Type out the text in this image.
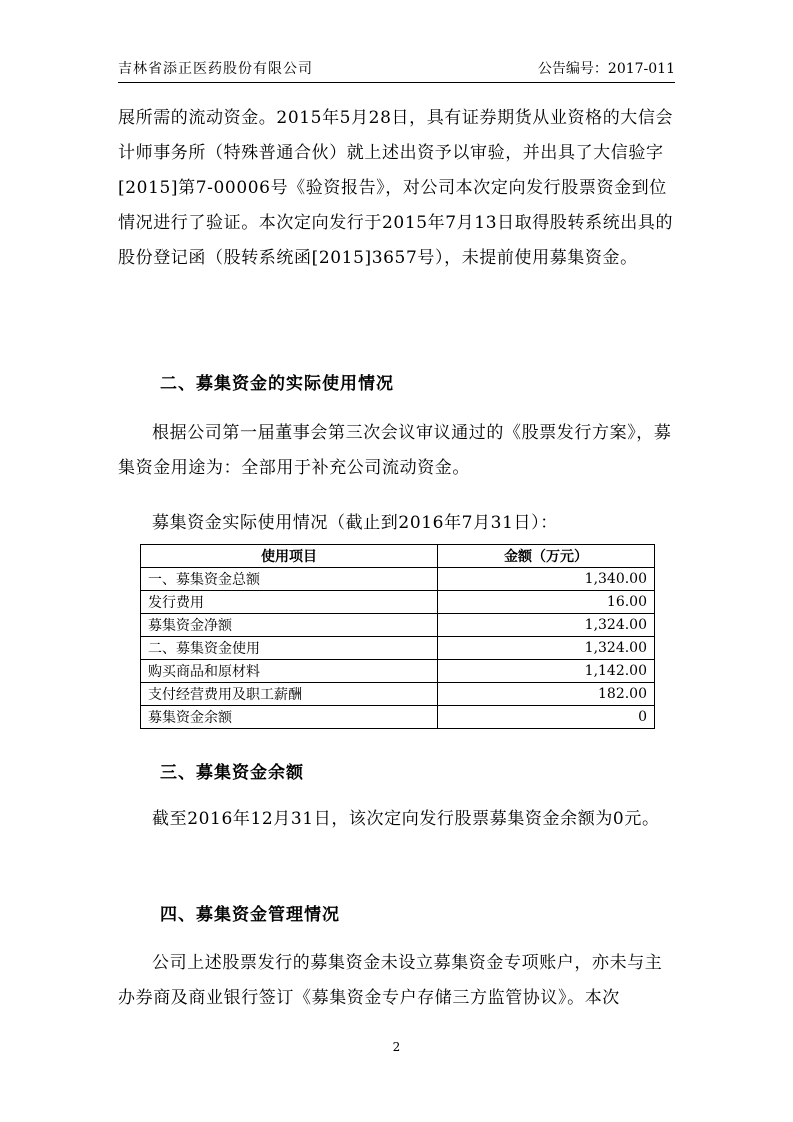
吉林省添正医药股份有限公司	公告编号：2017-011

展所需的流动资金。2015年5月28日，具有证券期货从业资格的大信会计师事务所（特殊普通合伙）就上述出资予以审验，并出具了大信验字[2015]第7-00006号《验资报告》，对公司本次定向发行股票资金到位情况进行了验证。本次定向发行于2015年7月13日取得股转系统出具的股份登记函（股转系统函[2015]3657号），未提前使用募集资金。

二、募集资金的实际使用情况

根据公司第一届董事会第三次会议审议通过的《股票发行方案》，募集资金用途为：全部用于补充公司流动资金。

募集资金实际使用情况（截止到2016年7月31日）：

使用项目	金额（万元）
一、募集资金总额	1,340.00
发行费用	16.00
募集资金净额	1,324.00
二、募集资金使用	1,324.00
购买商品和原材料	1,142.00
支付经营费用及职工薪酬	182.00
募集资金余额	0

三、募集资金余额

截至2016年12月31日，该次定向发行股票募集资金余额为0元。

四、募集资金管理情况

公司上述股票发行的募集资金未设立募集资金专项账户，亦未与主办券商及商业银行签订《募集资金专户存储三方监管协议》。本次

2
